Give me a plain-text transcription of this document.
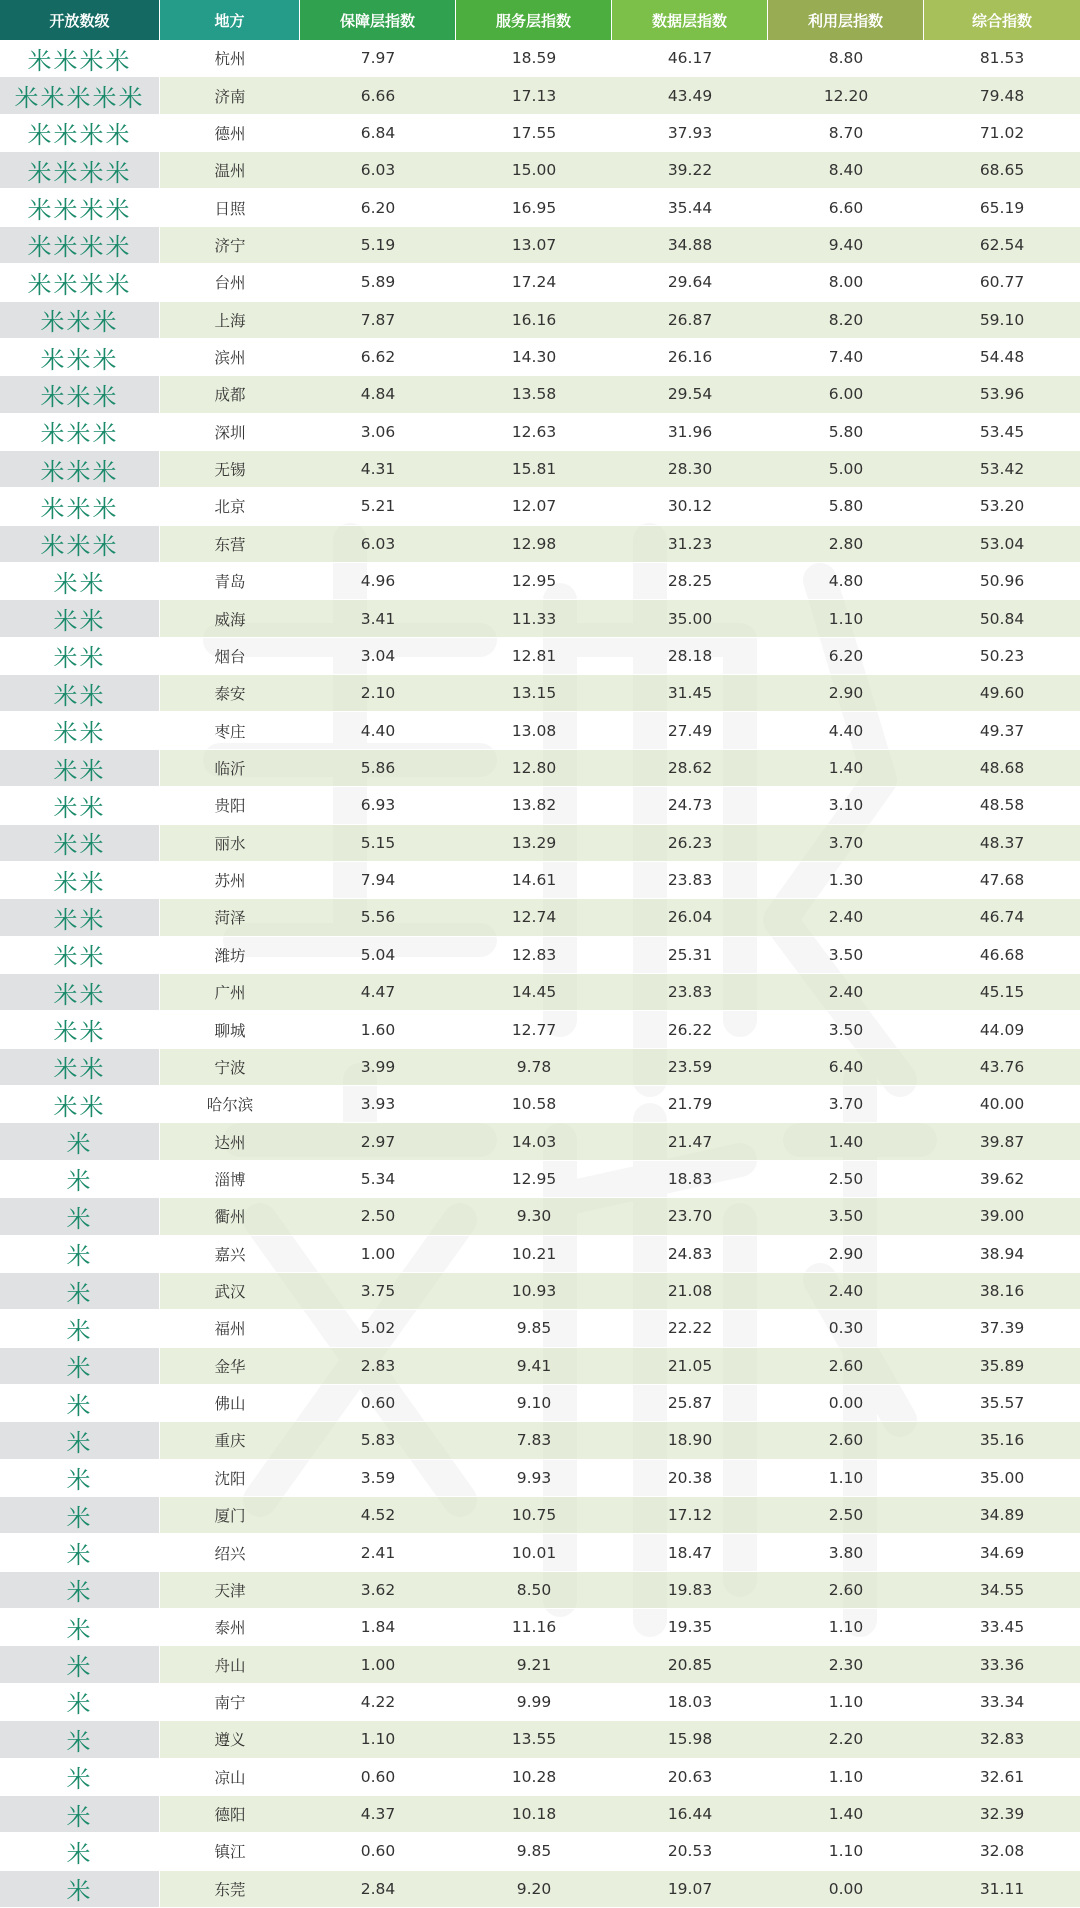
开放数级	地方	保障层指数	服务层指数	数据层指数	利用层指数	综合指数
⽶⽶⽶⽶	杭州	7.97	18.59	46.17	8.80	81.53
⽶⽶⽶⽶⽶	济南	6.66	17.13	43.49	12.20	79.48
⽶⽶⽶⽶	德州	6.84	17.55	37.93	8.70	71.02
⽶⽶⽶⽶	温州	6.03	15.00	39.22	8.40	68.65
⽶⽶⽶⽶	日照	6.20	16.95	35.44	6.60	65.19
⽶⽶⽶⽶	济宁	5.19	13.07	34.88	9.40	62.54
⽶⽶⽶⽶	台州	5.89	17.24	29.64	8.00	60.77
⽶⽶⽶	上海	7.87	16.16	26.87	8.20	59.10
⽶⽶⽶	滨州	6.62	14.30	26.16	7.40	54.48
⽶⽶⽶	成都	4.84	13.58	29.54	6.00	53.96
⽶⽶⽶	深圳	3.06	12.63	31.96	5.80	53.45
⽶⽶⽶	无锡	4.31	15.81	28.30	5.00	53.42
⽶⽶⽶	北京	5.21	12.07	30.12	5.80	53.20
⽶⽶⽶	东营	6.03	12.98	31.23	2.80	53.04
⽶⽶	青岛	4.96	12.95	28.25	4.80	50.96
⽶⽶	威海	3.41	11.33	35.00	1.10	50.84
⽶⽶	烟台	3.04	12.81	28.18	6.20	50.23
⽶⽶	泰安	2.10	13.15	31.45	2.90	49.60
⽶⽶	枣庄	4.40	13.08	27.49	4.40	49.37
⽶⽶	临沂	5.86	12.80	28.62	1.40	48.68
⽶⽶	贵阳	6.93	13.82	24.73	3.10	48.58
⽶⽶	丽水	5.15	13.29	26.23	3.70	48.37
⽶⽶	苏州	7.94	14.61	23.83	1.30	47.68
⽶⽶	菏泽	5.56	12.74	26.04	2.40	46.74
⽶⽶	潍坊	5.04	12.83	25.31	3.50	46.68
⽶⽶	广州	4.47	14.45	23.83	2.40	45.15
⽶⽶	聊城	1.60	12.77	26.22	3.50	44.09
⽶⽶	宁波	3.99	9.78	23.59	6.40	43.76
⽶⽶	哈尔滨	3.93	10.58	21.79	3.70	40.00
⽶	达州	2.97	14.03	21.47	1.40	39.87
⽶	淄博	5.34	12.95	18.83	2.50	39.62
⽶	衢州	2.50	9.30	23.70	3.50	39.00
⽶	嘉兴	1.00	10.21	24.83	2.90	38.94
⽶	武汉	3.75	10.93	21.08	2.40	38.16
⽶	福州	5.02	9.85	22.22	0.30	37.39
⽶	金华	2.83	9.41	21.05	2.60	35.89
⽶	佛山	0.60	9.10	25.87	0.00	35.57
⽶	重庆	5.83	7.83	18.90	2.60	35.16
⽶	沈阳	3.59	9.93	20.38	1.10	35.00
⽶	厦门	4.52	10.75	17.12	2.50	34.89
⽶	绍兴	2.41	10.01	18.47	3.80	34.69
⽶	天津	3.62	8.50	19.83	2.60	34.55
⽶	泰州	1.84	11.16	19.35	1.10	33.45
⽶	舟山	1.00	9.21	20.85	2.30	33.36
⽶	南宁	4.22	9.99	18.03	1.10	33.34
⽶	遵义	1.10	13.55	15.98	2.20	32.83
⽶	凉山	0.60	10.28	20.63	1.10	32.61
⽶	德阳	4.37	10.18	16.44	1.40	32.39
⽶	镇江	0.60	9.85	20.53	1.10	32.08
⽶	东莞	2.84	9.20	19.07	0.00	31.11
